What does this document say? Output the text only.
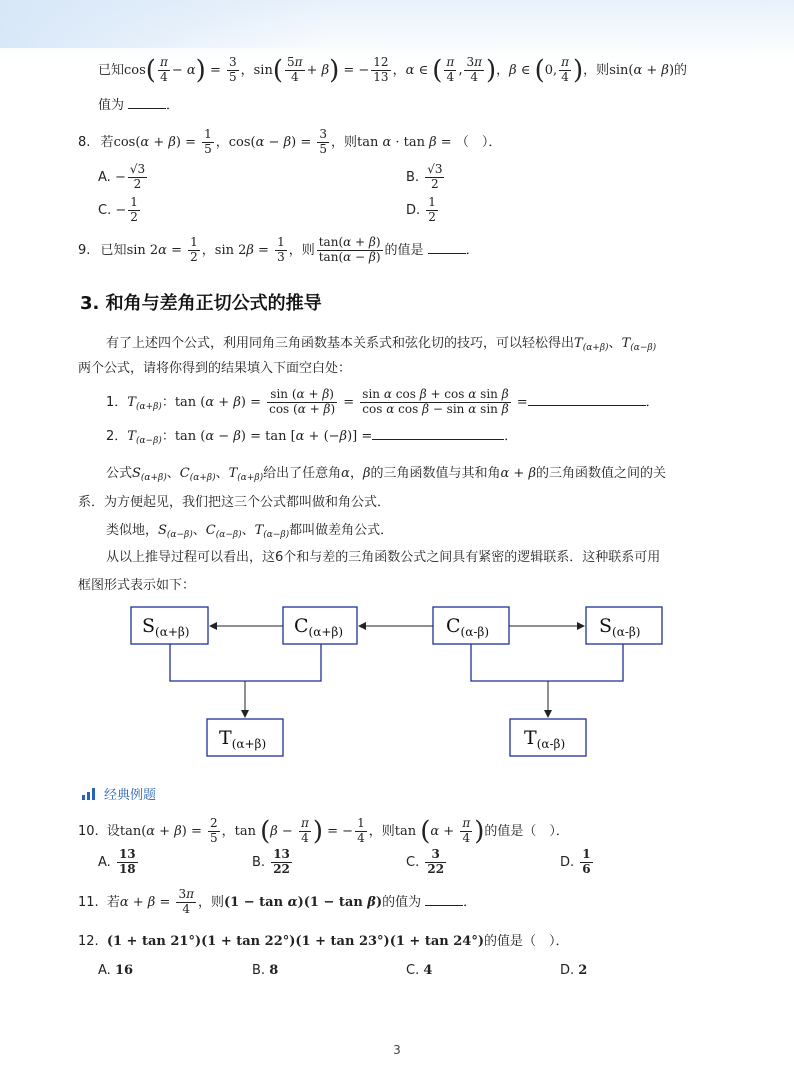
已知$\cos( \frac{\pi}{4} - \alpha) = \frac{3}{5}$ ，$\sin( \frac{5\pi}{4} + \beta)$ = − $\frac{12}{13}$ ，α ∈ ( $\frac{\pi}{4}$ , $\frac{3\pi}{4}$ )，β ∈ (0, $\frac{\pi}{4}$ )，则sin(α + β)的
值为	．
8. 若$\cos(\alpha + \beta) = \frac{1}{5}$ ，$\cos(\alpha - \beta) = \frac{3}{5}$ ，则tan α · tan β = （　）．
A. − $\frac{√3}{2}$	B. $\frac{√3}{2}$
C. − $\frac{1}{2}$	D. $\frac{1}{2}$
9. 已知$\sin 2\alpha = \frac{1}{2}$ ，$\sin 2\beta = \frac{1}{3}$ ，则 $\frac{\tan(\alpha + \beta)}{\tan(\alpha - \beta)}$ 的值是	．
3. 和角与差角正切公式的推导
有了上述四个公式，利用同角三角函数基本关系式和弦化切的技巧，可以轻松得出$T_{(\alpha+\beta)}$、$T_{(\alpha-\beta)}$
两个公式，请将你得到的结果填入下面空白处：
1．$T_{(\alpha+\beta)}$：$\tan (\alpha + \beta) = \frac{\sin (\alpha + \beta)}{\cos (\alpha + \beta)} = \frac{\text{sin α cos β + cos α sin β}}{\text{cos α cos β − sin α sin β}}$ =	．
2．$T_{(\alpha-\beta)}$：tan (α − β) = tan [α + (−β)] =	．
公式$S_{(\alpha+\beta)}$、$C_{(\alpha+\beta)}$、$T_{(\alpha+\beta)}$给出了任意角α，β的三角函数值与其和角α + β的三角函数值之间的关
系．为方便起见，我们把这三个公式都叫做和角公式．
类似地，$S_{(\alpha-\beta)}$、$C_{(\alpha-\beta)}$、$T_{(\alpha-\beta)}$都叫做差角公式．
从以上推导过程可以看出，这6个和与差的三角函数公式之间具有紧密的逻辑联系．这种联系可用
框图形式表示如下：
$S_{(\alpha+\beta)}$	$C_{(\alpha+\beta)}$	$C_{(\alpha-\beta)}$	$S_{(\alpha-\beta)}$
$T_{(\alpha+\beta)}$	$T_{(\alpha-\beta)}$
经典例题
10. 设$\tan(\alpha + \beta) = \frac{2}{5}$ ，$\tan (\beta - \frac{\pi}{4}$ ) = − $\frac{1}{4}$ ，则$\tan (\alpha + \frac{\pi}{4}$ )的值是（　）．
A. $\frac{13}{18}$	B. $\frac{13}{22}$	C. $\frac{3}{22}$	D. $\frac{1}{6}$
11. 若$\alpha + \beta = \frac{3\pi}{4}$ ，则(1 − tan α)(1 − tan β)的值为	．
12. (1 + tan 21°)(1 + tan 22°)(1 + tan 23°)(1 + tan 24°)的值是（　）．
A. 16	B. 8	C. 4	D. 2
3
